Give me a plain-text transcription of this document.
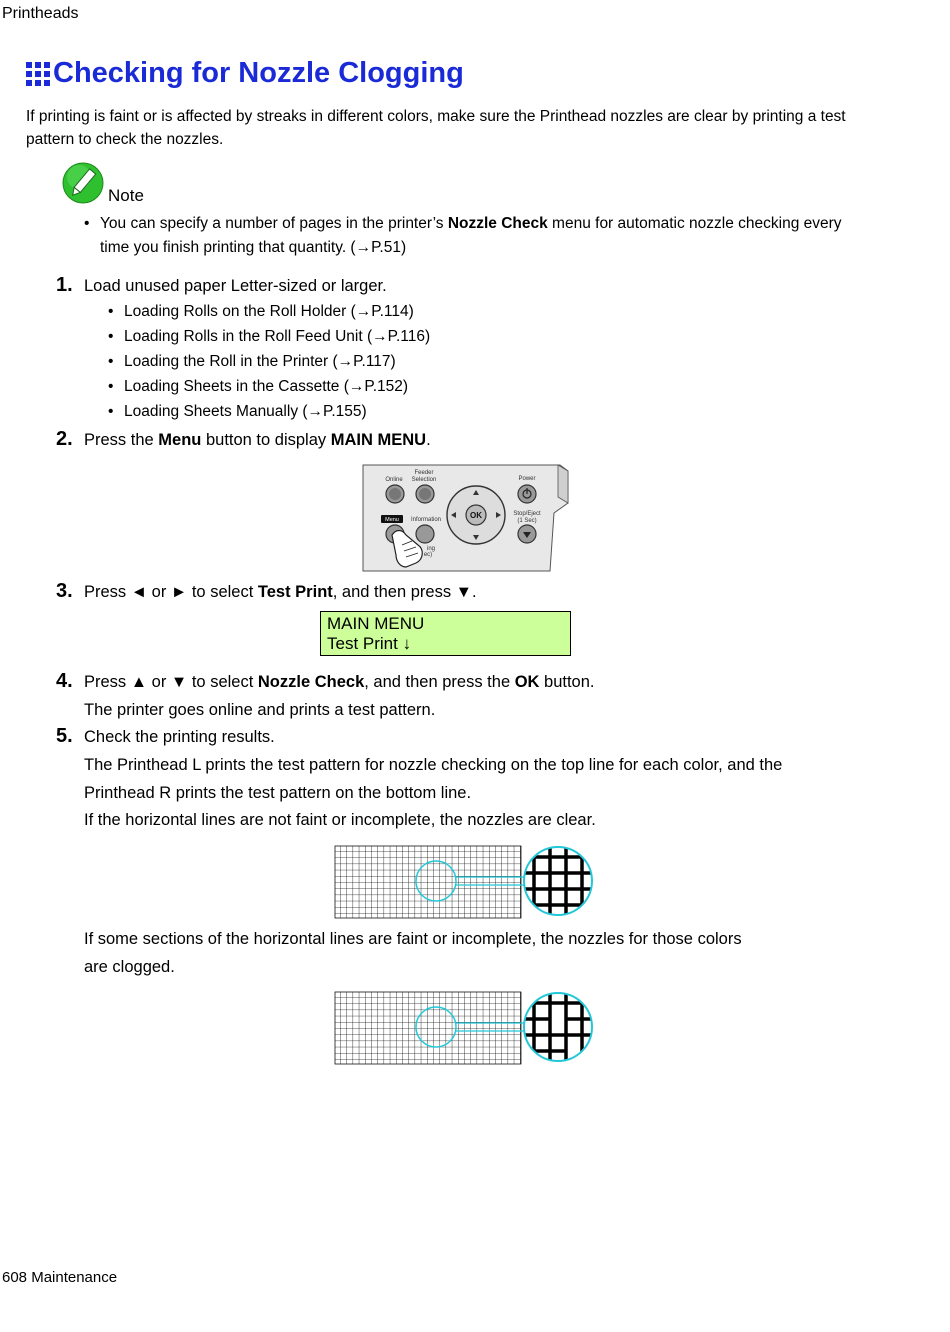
Printheads
Checking for Nozzle Clogging
If printing is faint or is affected by streaks in different colors, make sure the Printhead nozzles are clear by printing a test pattern to check the nozzles.
Note
• You can specify a number of pages in the printer’s Nozzle Check menu for automatic nozzle checking every time you finish printing that quantity. (→P.51)
1. Load unused paper Letter-sized or larger.
• Loading Rolls on the Roll Holder (→P.114)
• Loading Rolls in the Roll Feed Unit (→P.116)
• Loading the Roll in the Printer (→P.117)
• Loading Sheets in the Cassette (→P.152)
• Loading Sheets Manually (→P.155)
2. Press the Menu button to display MAIN MENU.
Online
Feeder
Selection	Power
Information
Stop/Eject
(1 Sec)
ing
ec)
Menu	OK
3. Press ◄ or ► to select Test Print, and then press ▼.
MAIN MENU
Test Print ↓
4. Press ▲ or ▼ to select Nozzle Check, and then press the OK button.
The printer goes online and prints a test pattern.
5. Check the printing results.
The Printhead L prints the test pattern for nozzle checking on the top line for each color, and the
Printhead R prints the test pattern on the bottom line.
If the horizontal lines are not faint or incomplete, the nozzles are clear.
If some sections of the horizontal lines are faint or incomplete, the nozzles for those colors
are clogged.
608 Maintenance
